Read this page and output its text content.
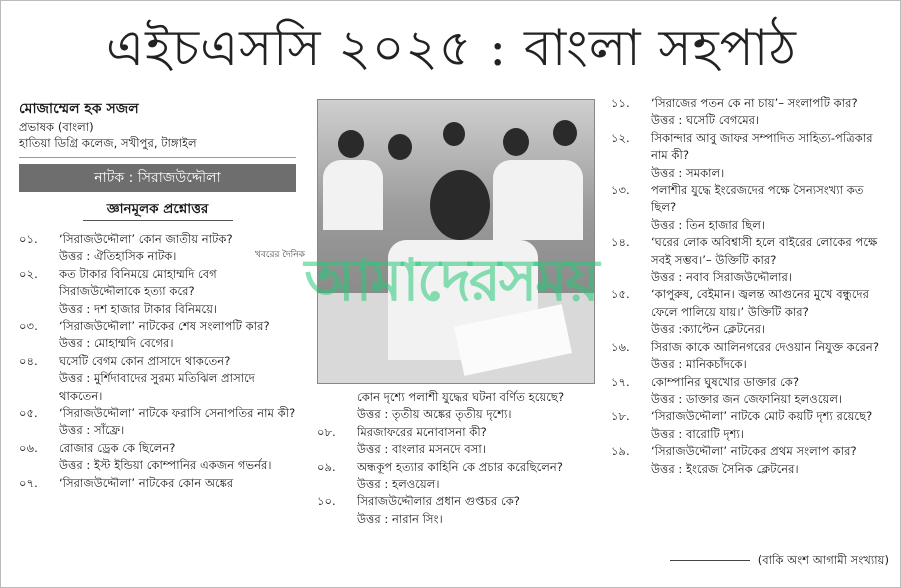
এইচএসসি ২০২৫ : বাংলা সহপাঠ
মোজাম্মেল হক সজল
প্রভাষক (বাংলা)
হাতিয়া ডিগ্রি কলেজ, সখীপুর, টাঙ্গাইল
নাটক : সিরাজউদ্দৌলা
জ্ঞানমূলক প্রশ্নোত্তর
০১.	‘সিরাজউদ্দৌলা’ কোন জাতীয় নাটক?
উত্তর : ঐতিহাসিক নাটক।
০২.	কত টাকার বিনিময়ে মোহাম্মদি বেগ সিরাজউদ্দৌলাকে হত্যা করে?
উত্তর : দশ হাজার টাকার বিনিময়ে।
০৩.	‘সিরাজউদ্দৌলা’ নাটকের শেষ সংলাপটি কার?
উত্তর : মোহাম্মদি বেগের।
০৪.	ঘসেটি বেগম কোন প্রাসাদে থাকতেন?
উত্তর : মুর্শিদাবাদের সুরম্য মতিঝিল প্রাসাদে থাকতেন।
০৫.	‘সিরাজউদ্দৌলা’ নাটকে ফরাসি সেনাপতির নাম কী?
উত্তর : সাঁফ্রে।
০৬.	রোজার ড্রেক কে ছিলেন?
উত্তর : ইস্ট ইন্ডিয়া কোম্পানির একজন গভর্নর।
০৭.	‘সিরাজউদ্দৌলা’ নাটকের কোন অঙ্কের
খবরের দৈনিক আমাদেরসময়
কোন দৃশ্যে পলাশী যুদ্ধের ঘটনা বর্ণিত হয়েছে?
উত্তর : তৃতীয় অঙ্কের তৃতীয় দৃশ্যে।
০৮.	মিরজাফরের মনোবাসনা কী?
উত্তর : বাংলার মসনদে বসা।
০৯.	অন্ধকূপ হত্যার কাহিনি কে প্রচার করেছিলেন?
উত্তর : হলওয়েল।
১০.	সিরাজউদ্দৌলার প্রধান গুপ্তচর কে?
উত্তর : নারান সিং।
১১.	‘সিরাজের পতন কে না চায়’– সংলাপটি কার?
উত্তর : ঘসেটি বেগমের।
১২.	সিকান্দার আবু জাফর সম্পাদিত সাহিত্য-পত্রিকার নাম কী?
উত্তর : সমকাল।
১৩.	পলাশীর যুদ্ধে ইংরেজদের পক্ষে সৈন্যসংখ্যা কত ছিল?
উত্তর : তিন হাজার ছিল।
১৪.	‘ঘরের লোক অবিশ্বাসী হলে বাইরের লোকের পক্ষে সবই সম্ভব।’– উক্তিটি কার?
উত্তর : নবাব সিরাজউদ্দৌলার।
১৫.	‘কাপুরুষ, বেইমান। জ্বলন্ত আগুনের মুখে বন্ধুদের ফেলে পালিয়ে যায়।’ উক্তিটি কার?
উত্তর :ক্যাপ্টেন ক্লেটনের।
১৬.	সিরাজ কাকে আলিনগরের দেওয়ান নিযুক্ত করেন?
উত্তর : মানিকচাঁদকে।
১৭.	কোম্পানির ঘুষখোর ডাক্তার কে?
উত্তর : ডাক্তার জন জেফানিয়া হলওয়েল।
১৮.	‘সিরাজউদ্দৌলা’ নাটকে মোট কয়টি দৃশ্য রয়েছে?
উত্তর : বারোটি দৃশ্য।
১৯.	‘সিরাজউদ্দৌলা’ নাটকের প্রথম সংলাপ কার?
উত্তর : ইংরেজ সৈনিক ক্লেটনের।
(বাকি অংশ আগামী সংখ্যায়)
